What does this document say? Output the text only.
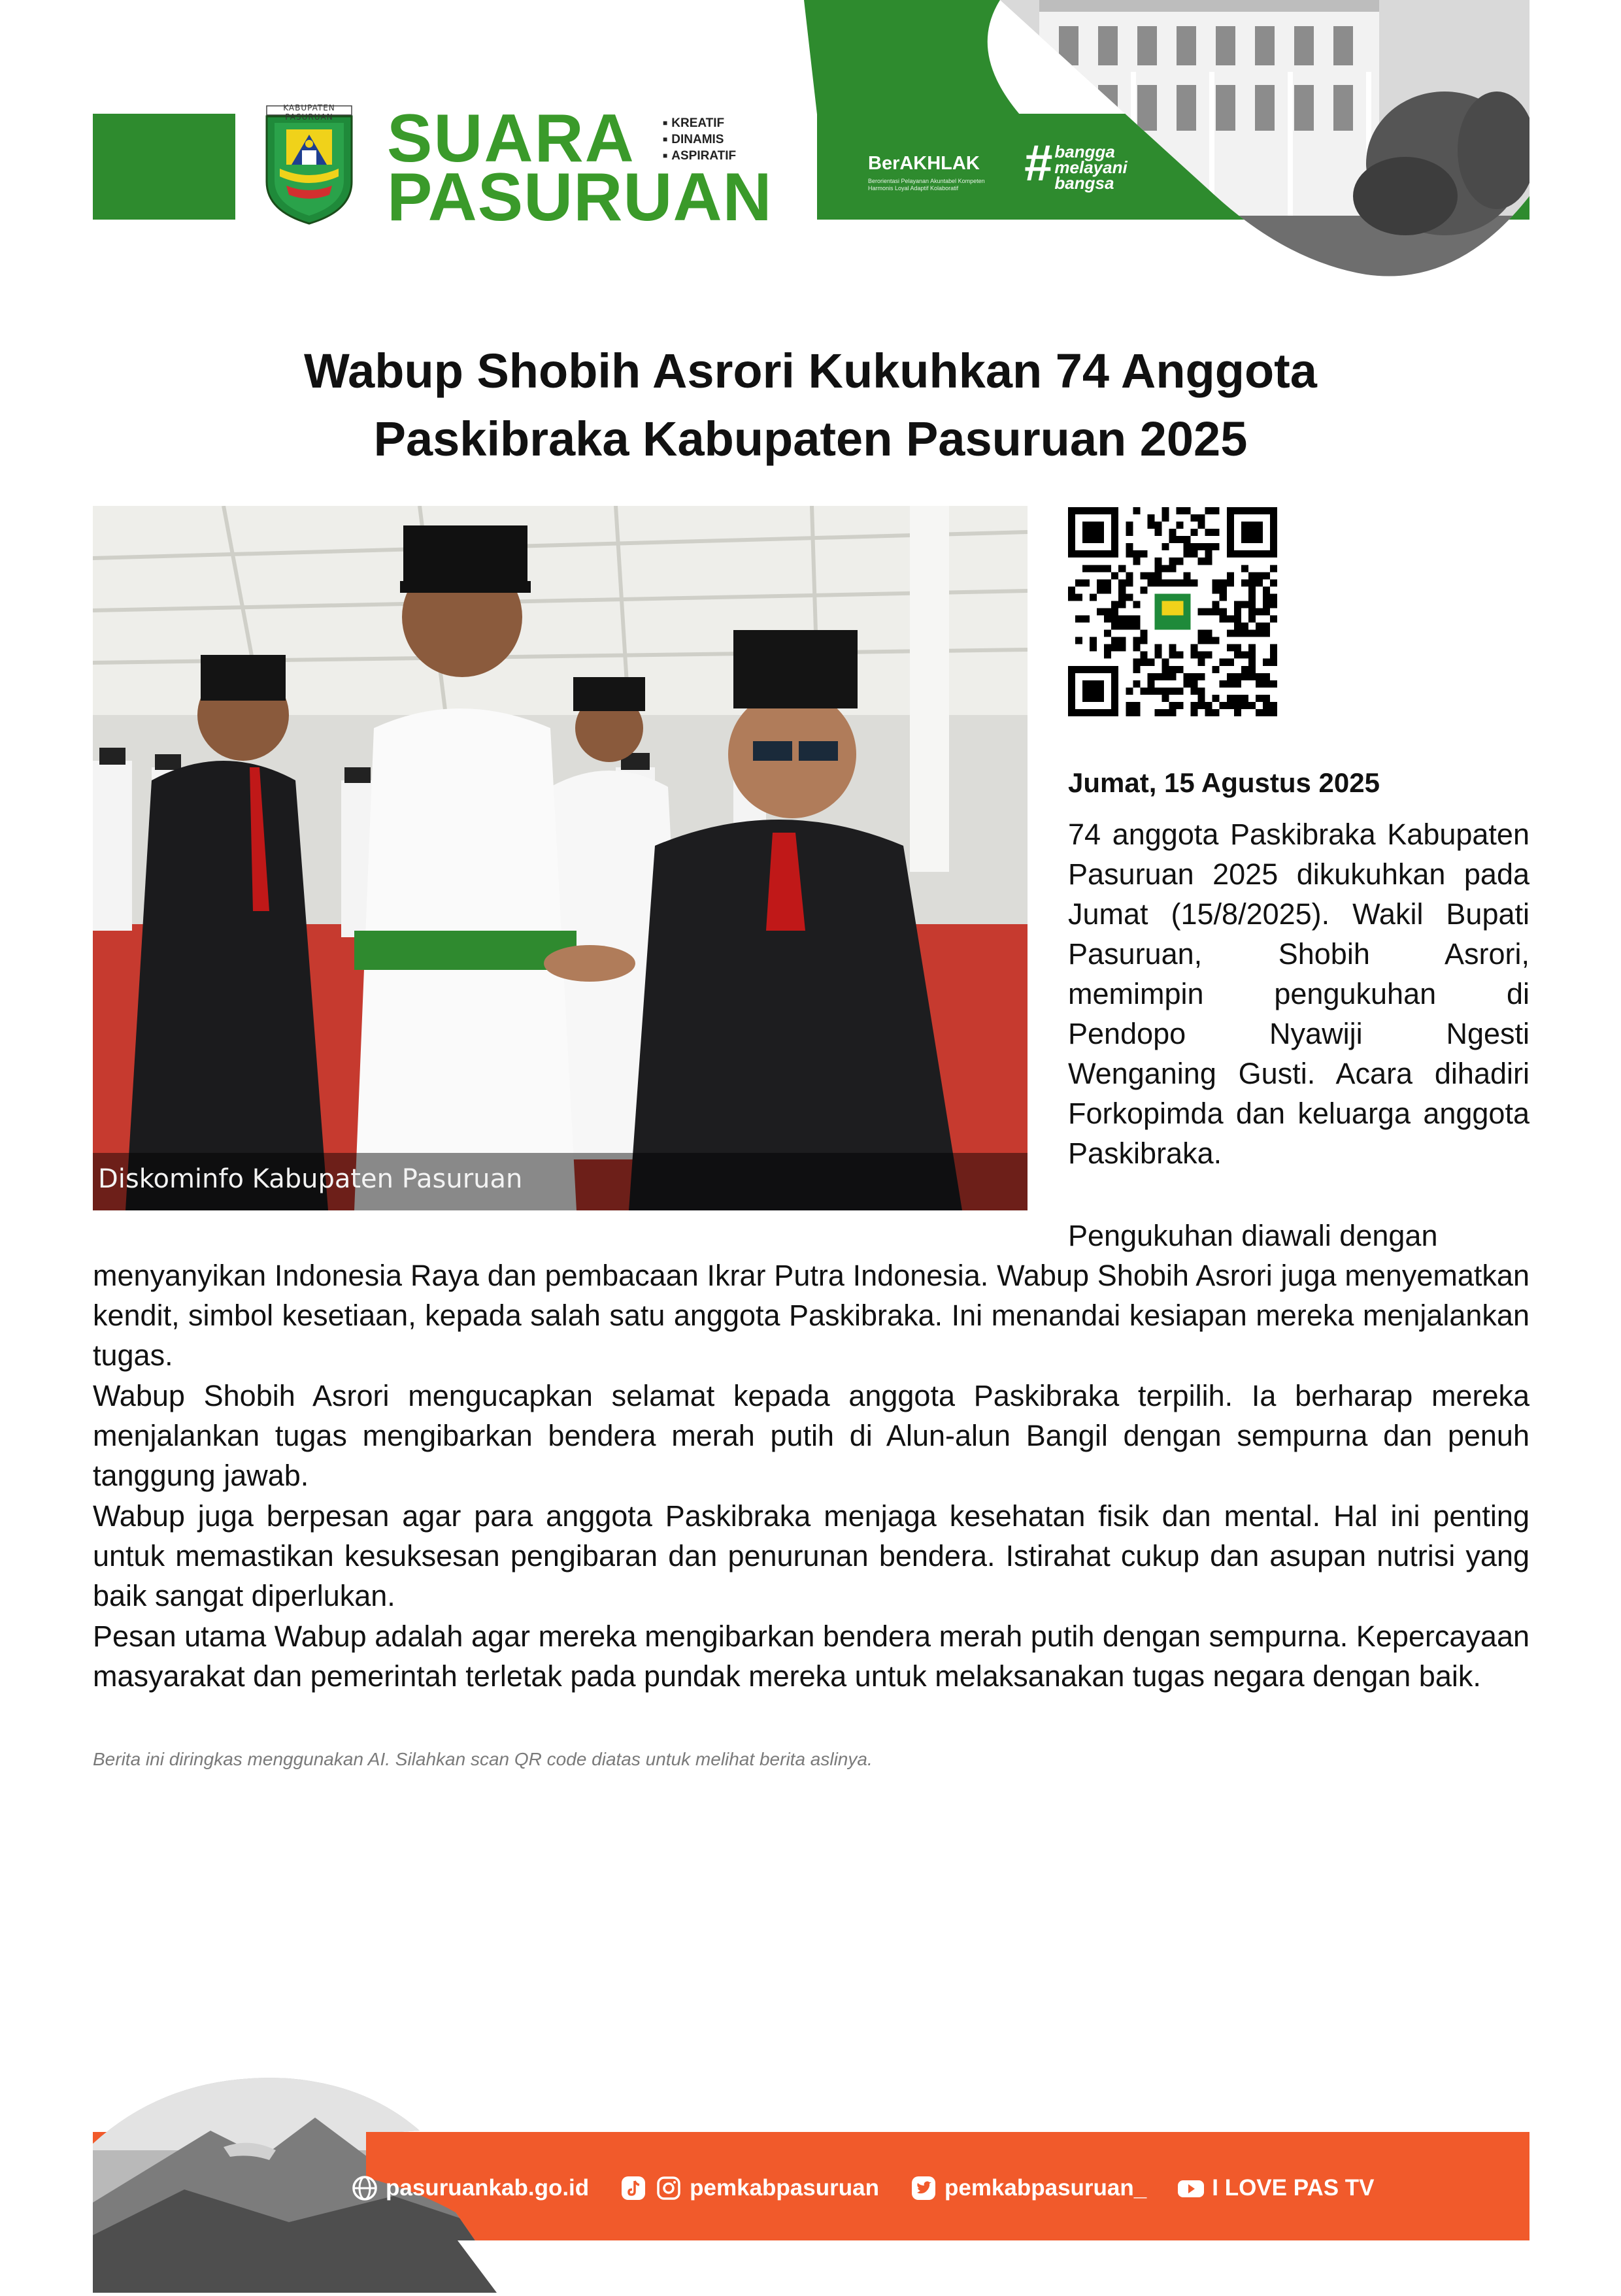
KABUPATEN PASURUAN SUARA
PASURUAN
■ KREATIF
■ DINAMIS
■ ASPIRATIF	BerAKHLAK
Berorientasi Pelayanan Akuntabel Kompeten Harmonis Loyal Adaptif Kolaboratif	# bangga
melayani
bangsa
Wabup Shobih Asrori Kukuhkan 74 Anggota
Paskibraka Kabupaten Pasuruan 2025
Diskominfo Kabupaten Pasuruan
Jumat, 15 Agustus 2025
74 anggota Paskibraka Kabupaten Pasuruan 2025 dikukuhkan pada Jumat (15/8/2025). Wakil Bupati Pasuruan, Shobih Asrori, memimpin pengukuhan di Pendopo Nyawiji Ngesti Wenganing Gusti. Acara dihadiri Forkopimda dan keluarga anggota Paskibraka.
Pengukuhan diawali dengan
menyanyikan Indonesia Raya dan pembacaan Ikrar Putra Indonesia. Wabup Shobih Asrori juga menyematkan kendit, simbol kesetiaan, kepada salah satu anggota Paskibraka. Ini menandai kesiapan mereka menjalankan tugas.
Wabup Shobih Asrori mengucapkan selamat kepada anggota Paskibraka terpilih. Ia berharap mereka menjalankan tugas mengibarkan bendera merah putih di Alun-alun Bangil dengan sempurna dan penuh tanggung jawab.
Wabup juga berpesan agar para anggota Paskibraka menjaga kesehatan fisik dan mental. Hal ini penting untuk memastikan kesuksesan pengibaran dan penurunan bendera. Istirahat cukup dan asupan nutrisi yang baik sangat diperlukan.
Pesan utama Wabup adalah agar mereka mengibarkan bendera merah putih dengan sempurna. Kepercayaan masyarakat dan pemerintah terletak pada pundak mereka untuk melaksanakan tugas negara dengan baik.
Berita ini diringkas menggunakan AI. Silahkan scan QR code diatas untuk melihat berita aslinya.
pasuruankab.go.id	pemkabpasuruan	pemkabpasuruan_	I LOVE PAS TV
